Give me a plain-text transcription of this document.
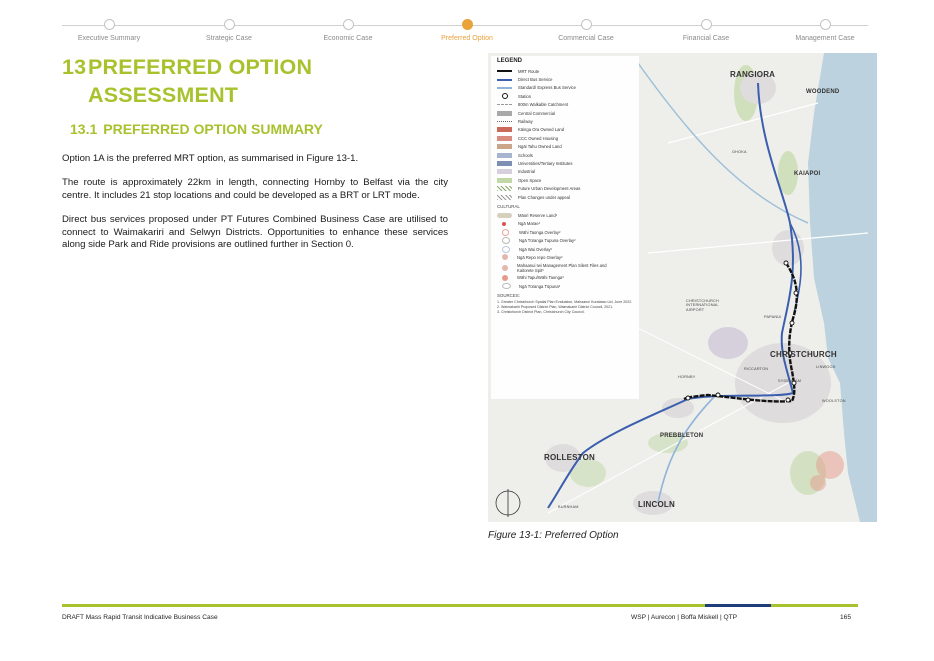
Executive Summary	Strategic Case	Economic Case	Preferred Option	Commercial Case	Financial Case	Management Case
13PREFERRED OPTION
ASSESSMENT
13.1 PREFERRED OPTION SUMMARY

Option 1A is the preferred MRT option, as summarised in Figure 13-1.

The route is approximately 22km in length, connecting Hornby to Belfast via the city centre. It includes 21 stop locations and could be developed as a BRT or LRT mode.

Direct bus services proposed under PT Futures Combined Business Case are utilised to connect to Waimakariri and Selwyn Districts. Opportunities to enhance these services along side Park and Ride provisions are outlined further in Section 0.

LEGEND
MRT Route
Direct Bus Service
Standard/ Express Bus Service
Station
800m Walkable Catchment
Central Commercial
Railway
Kāinga Ora Owned Land
CCC Owned Housing
Ngāi Tahu Owned Land
Schools
Universities/Tertiary Institutes
Industrial
Open Space
Future Urban Development Areas
Plan Changes under appeal
CULTURAL
Māori Reserve Land¹
Ngā Marae¹
Wāhi Taonga Overlay²
Ngā Tūranga Tupuna Overlay²
Ngā Wai Overlay²
Ngā Repo repo Overlay²
Mahaanui Iwi Management Plan Silent Files and Kaitorete Spit³
Wāhi Tapu/Wāhi Taonga³
Ngā Tūranga Tūpuna³
SOURCES:
1. Greater Christchurch Spatial Plan Evaluation, Mahaanui Kurataiao Ltd, June 2022.
2. Waimakariri Proposed District Plan, Waimakariri District Council, 2021.
3. Christchurch District Plan, Christchurch City Council.
RANGIORA
WOODEND
OHOKA
KAIAPOI
CHRISTCHURCH INTERNATIONAL AIRPORT
PAPANUI
CHRISTCHURCH
HORNBY
RICCARTON
SYDENHAM
WOOLSTON
LINWOOD
PREBBLETON
ROLLESTON
LINCOLN
BURNHAM
Figure 13-1: Preferred Option
DRAFT Mass Rapid Transit Indicative Business Case	WSP | Aurecon | Boffa Miskell | QTP	165
